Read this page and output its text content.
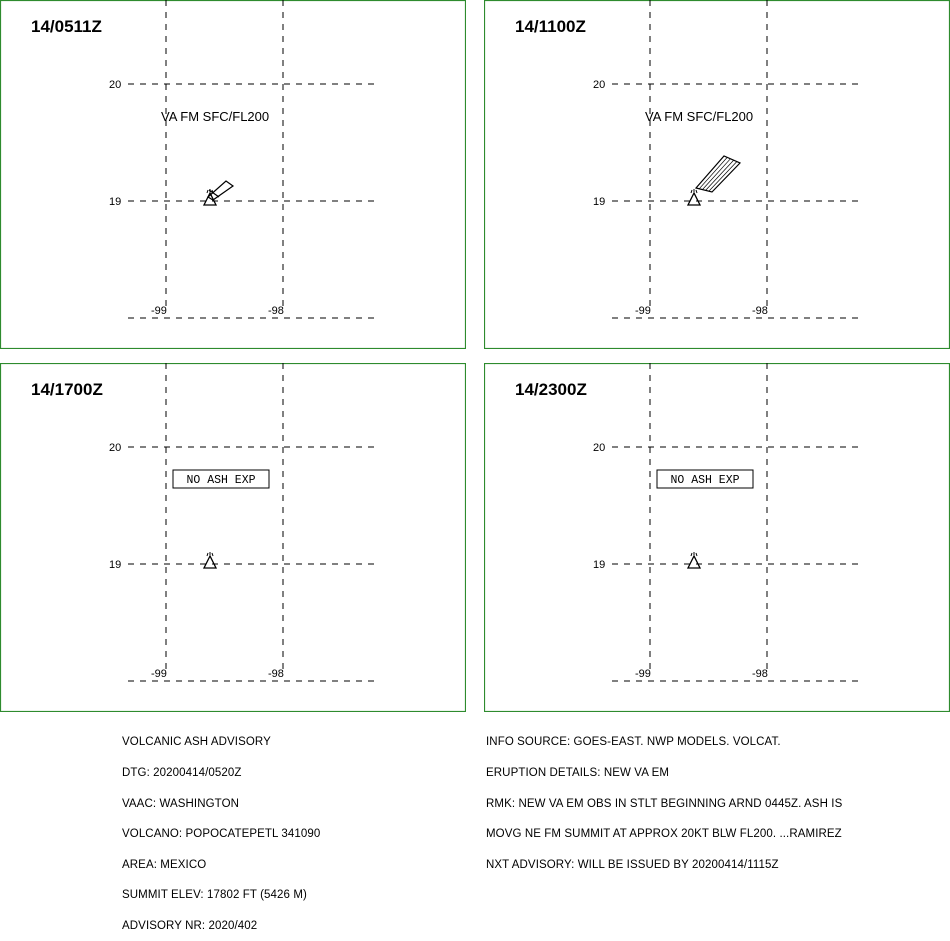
20
19
-99	-98
VA FM SFC/FL200
14/0511Z
20
19
-99	-98
VA FM SFC/FL200
14/1100Z
20
19
-99	-98
NO ASH EXP
14/1700Z
20
19
-99	-98
NO ASH EXP
14/2300Z

VOLCANIC ASH ADVISORY

DTG: 20200414/0520Z

VAAC: WASHINGTON

VOLCANO: POPOCATEPETL 341090

AREA: MEXICO

SUMMIT ELEV: 17802 FT (5426 M)

ADVISORY NR: 2020/402

INFO SOURCE: GOES-EAST. NWP MODELS. VOLCAT.

ERUPTION DETAILS: NEW VA EM

RMK: NEW VA EM OBS IN STLT BEGINNING ARND 0445Z. ASH IS

MOVG NE FM SUMMIT AT APPROX 20KT BLW FL200. ...RAMIREZ

NXT ADVISORY: WILL BE ISSUED BY 20200414/1115Z
